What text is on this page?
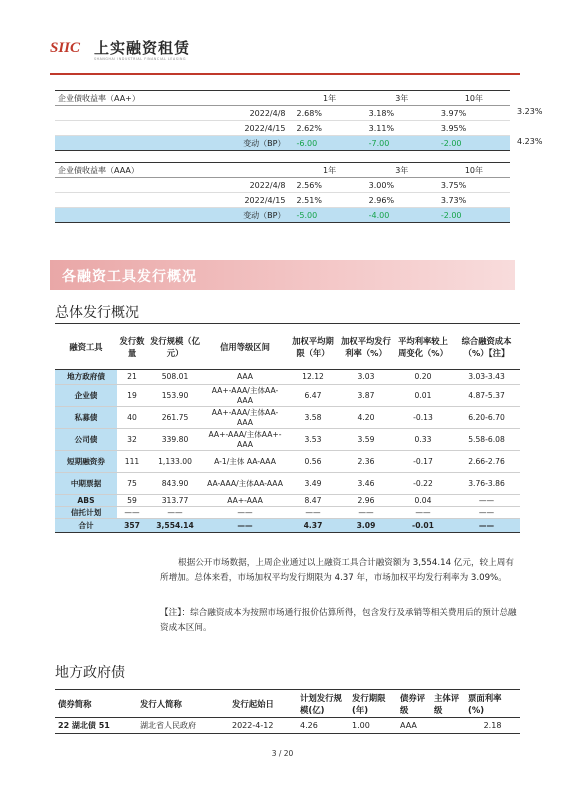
SIIC 上实融资租赁
SHANGHAI INDUSTRIAL FINANCIAL LEASING
企业债收益率（AA+）		1年	3年	10年
2022/4/8		2.68%	3.18%	3.97%
2022/4/15		2.62%	3.11%	3.95%
变动（BP）		-6.00	-7.00	-2.00
3.23%
4.23%
企业债收益率（AAA）		1年	3年	10年
2022/4/8		2.56%	3.00%	3.75%
2022/4/15		2.51%	2.96%	3.73%
变动（BP）		-5.00	-4.00	-2.00
各融资工具发行概况
总体发行概况
融资工具	发行数量	发行规模（亿元）	信用等级区间	加权平均期限（年）	加权平均发行利率（%）	平均利率较上周变化（%）	综合融资成本（%）【注】
地方政府债	21	508.01	AAA	12.12	3.03	0.20	3.03-3.43
企业债	19	153.90	AA+-AAA/主体AA-AAA	6.47	3.87	0.01	4.87-5.37
私募债	40	261.75	AA+-AAA/主体AA-AAA	3.58	4.20	-0.13	6.20-6.70
公司债	32	339.80	AA+-AAA/主体AA+-AAA	3.53	3.59	0.33	5.58-6.08
短期融资券	111	1,133.00	A-1/主体 AA-AAA	0.56	2.36	-0.17	2.66-2.76
中期票据	75	843.90	AA-AAA/主体AA-AAA	3.49	3.46	-0.22	3.76-3.86
ABS	59	313.77	AA+-AAA	8.47	2.96	0.04	——
信托计划	——	——	——	——	——	——	——
合计	357	3,554.14	——	4.37	3.09	-0.01	——
根据公开市场数据，上周企业通过以上融资工具合计融资额为 3,554.14 亿元，较上周有所增加。总体来看，市场加权平均发行期限为 4.37 年，市场加权平均发行利率为 3.09%。
【注】：综合融资成本为按照市场通行报价估算所得，包含发行及承销等相关费用后的预计总融资成本区间。
地方政府债
债券简称	发行人简称	发行起始日	计划发行规模(亿)	发行期限(年)	债券评级	主体评级	票面利率(%)
22 湖北债 51	湖北省人民政府	2022-4-12	4.26	1.00	AAA		2.18
3 / 20
